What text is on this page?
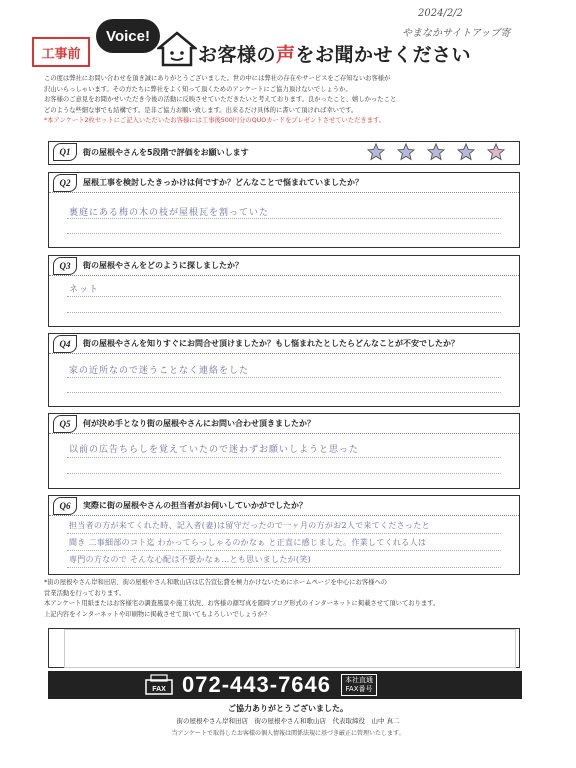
2024/2/2
やまなかサイトアップ寄
工事前
Voice!
お客様の声をお聞かせください

この度は弊社にお問い合わせを頂き誠にありがとうございました。世の中には弊社の存在やサービスをご存知ないお客様が

沢山いらっしゃいます。その方たちに弊社をよく知って頂くためのアンケートにご協力頂けないでしょうか。

お客様のご意見をお聞かせいただき今後の活動に反映させていただきたいと考えております。良かったこと、嬉しかったこと

どのような些細な事でも結構です。是非ご協力お願い致します。出来るだけ具体的に書いて頂ければ幸いです。

*本アンケート2枚セットにご記入いただいたお客様には工事後500円分のQUOカードをプレゼントさせていただきます。

Q1	街の屋根やさんを5段階で評価をお願いします
Q2	屋根工事を検討したきっかけは何ですか？どんなことで悩まれていましたか？
裏庭にある梅の木の枝が屋根瓦を割っていた
Q3	街の屋根やさんをどのように探しましたか？
ネット
Q4	街の屋根やさんを知りすぐにお問合せ頂けましたか？もし悩まれたとしたらどんなことが不安でしたか？
家の近所なので迷うことなく連絡をした
Q5	何が決め手となり街の屋根やさんにお問い合わせ頂きましたか？
以前の広告ちらしを覚えていたので迷わずお願いしようと思った
Q6	実際に街の屋根やさんの担当者がお伺いしていかがでしたか？
担当者の方が来てくれた時、記入者(妻)は留守だったので一ヶ月の方がお2人で来てくださったと
聞き 二事細部のコト迄 わかってらっしゃるのかなぁ と正直に感じました。作業してくれる人は
専門の方なので そんな心配は不要かなぁ…とも思いましたが(笑)

*街の屋根やさん岸和田店、街の屋根やさん和歌山店は広告宣伝費を極力かけないためにホームページを中心にお客様への

営業活動を行っております。

本アンケート用紙またはお客様宅の調査風景や施工状況、お客様の顔写真を随時ブログ形式のインターネットに掲載させて頂いております。

上記内容をインターネットや印刷物に掲載させて頂いてもよろしいでしょうか？

FAX 072-443-7646 本社直通
FAX番号
ご協力ありがとうございました。
街の屋根やさん岸和田店　街の屋根やさん和歌山店　代表取締役　山中 真二
当アンケートで取得したお客様の個人情報は関係法規に基づき厳正に管理いたします。
